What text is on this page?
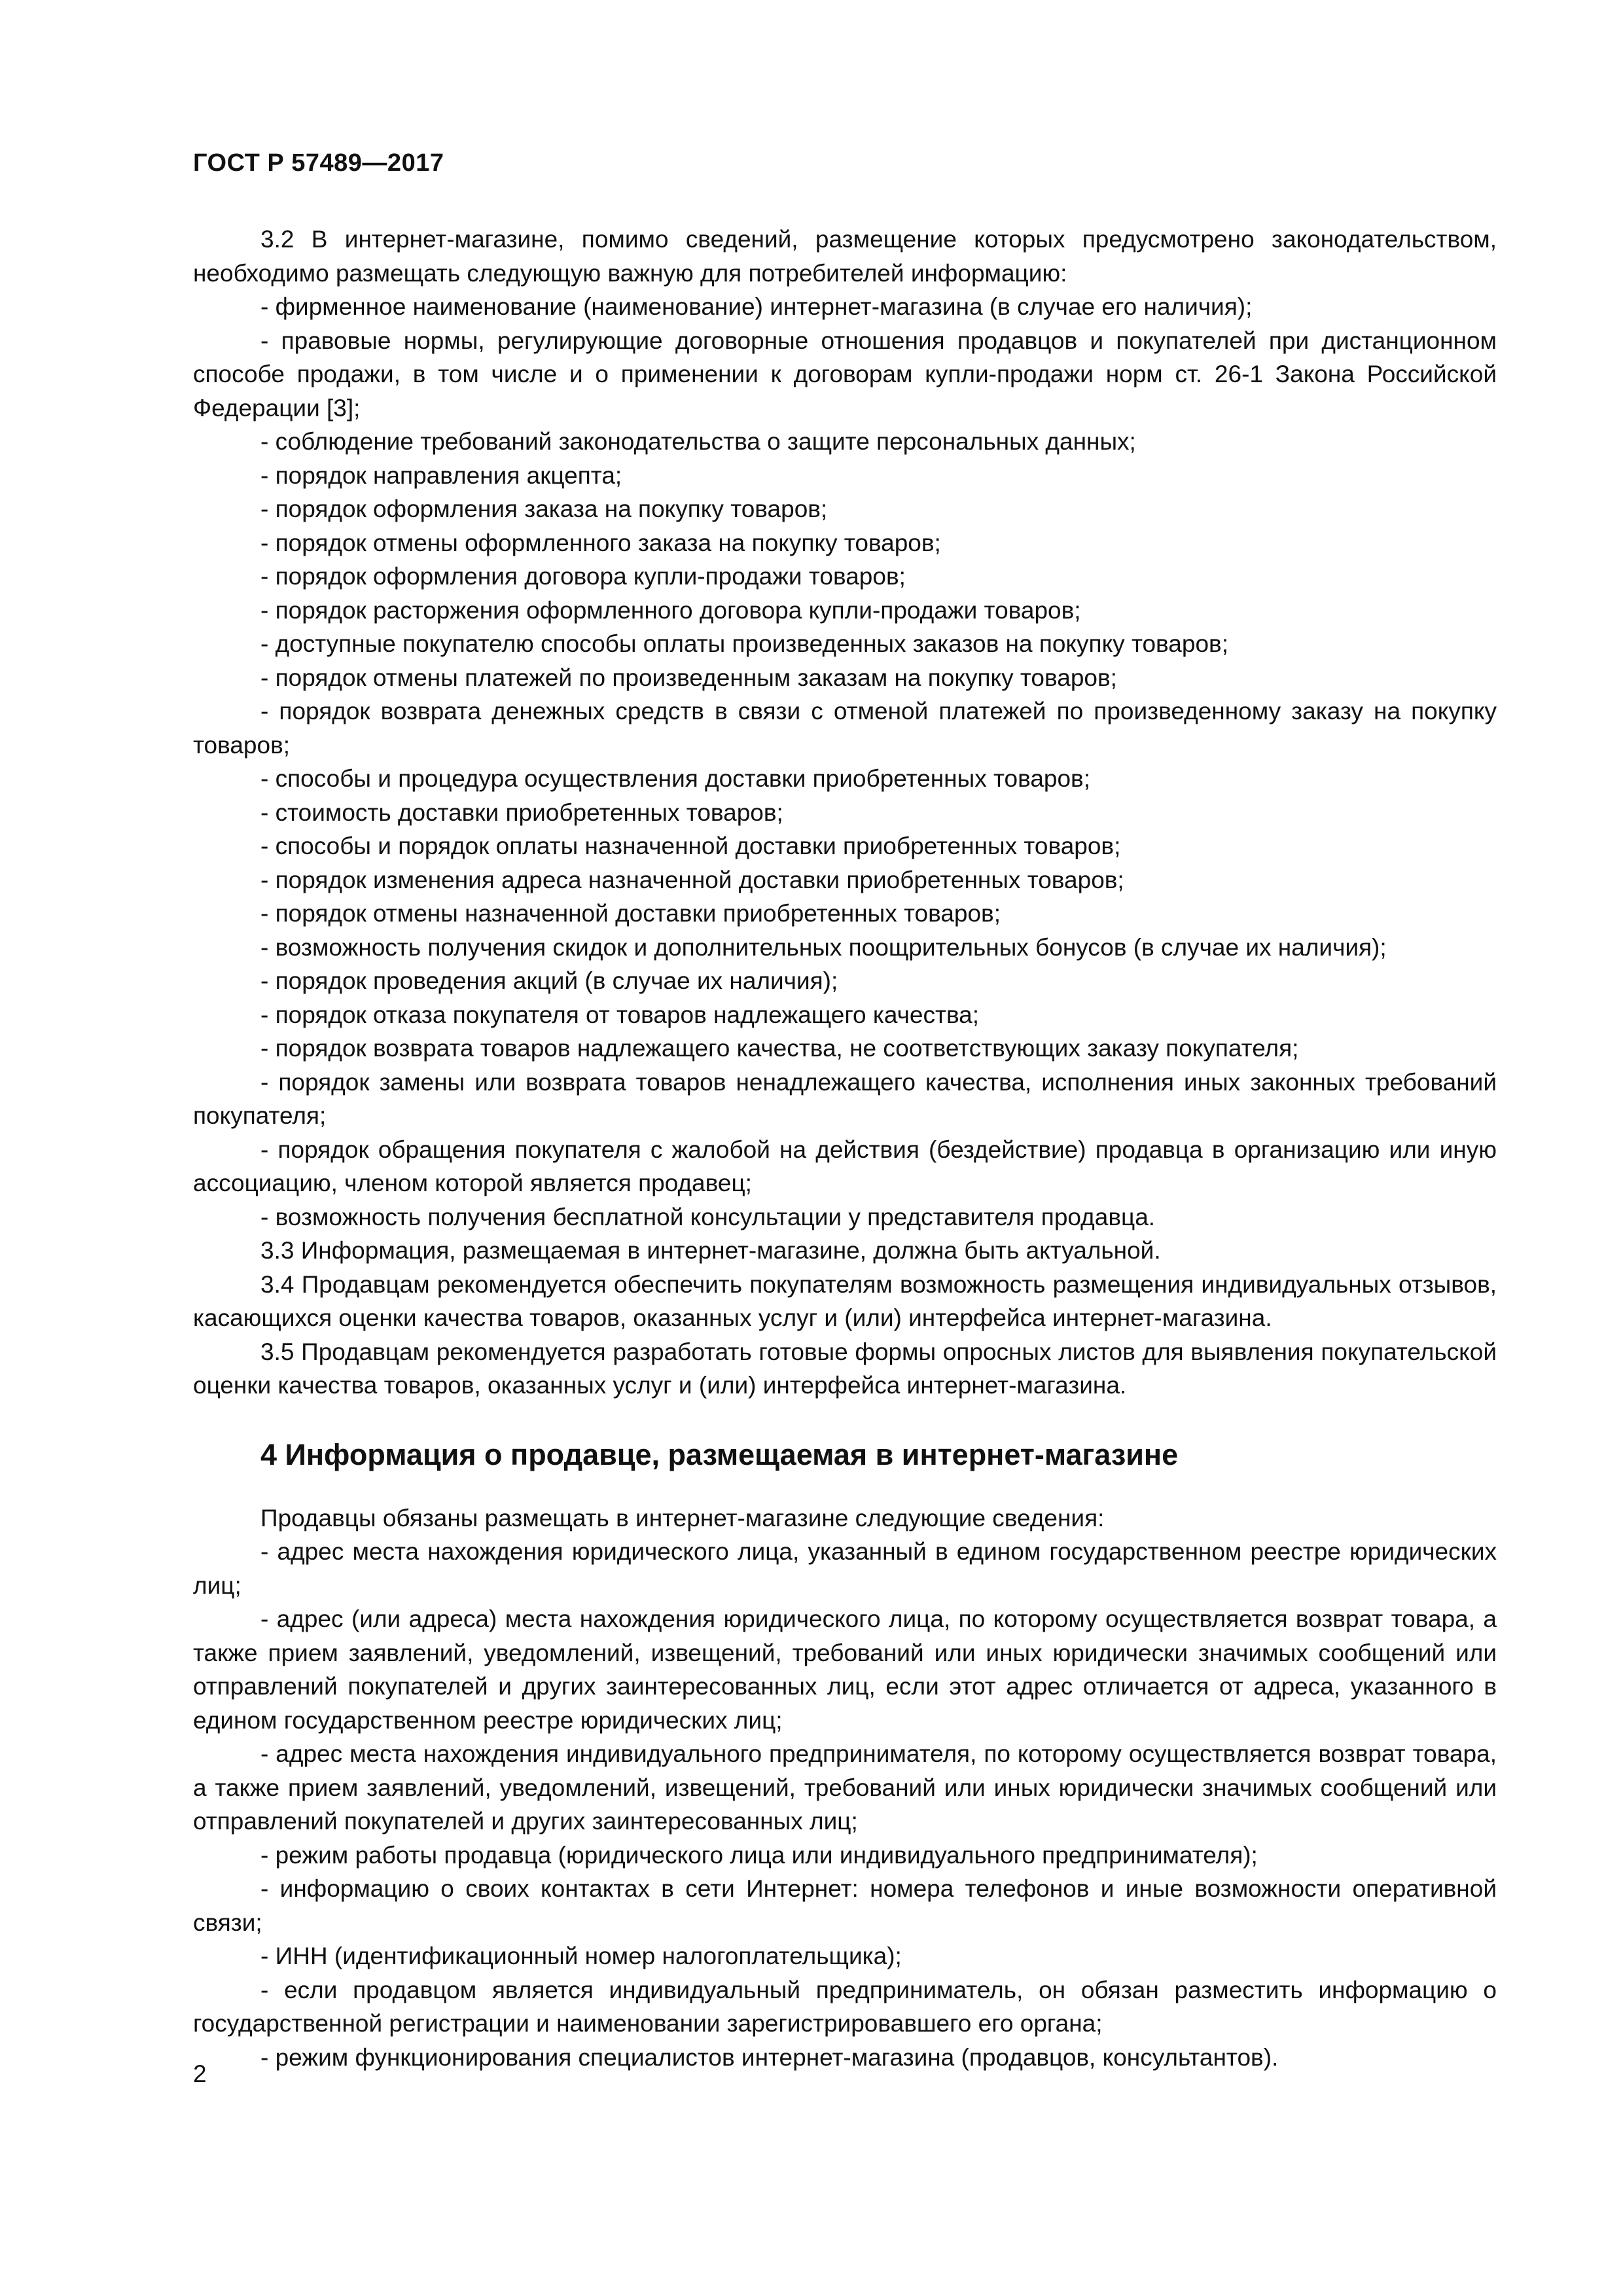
ГОСТ Р 57489—2017

3.2 В интернет-магазине, помимо сведений, размещение которых предусмотрено законодательством, необходимо размещать следующую важную для потребителей информацию:

- фирменное наименование (наименование) интернет-магазина (в случае его наличия);

- правовые нормы, регулирующие договорные отношения продавцов и покупателей при дистанционном способе продажи, в том числе и о применении к договорам купли-продажи норм ст. 26-1 Закона Российской Федерации [3];

- соблюдение требований законодательства о защите персональных данных;

- порядок направления акцепта;

- порядок оформления заказа на покупку товаров;

- порядок отмены оформленного заказа на покупку товаров;

- порядок оформления договора купли-продажи товаров;

- порядок расторжения оформленного договора купли-продажи товаров;

- доступные покупателю способы оплаты произведенных заказов на покупку товаров;

- порядок отмены платежей по произведенным заказам на покупку товаров;

- порядок возврата денежных средств в связи с отменой платежей по произведенному заказу на покупку товаров;

- способы и процедура осуществления доставки приобретенных товаров;

- стоимость доставки приобретенных товаров;

- способы и порядок оплаты назначенной доставки приобретенных товаров;

- порядок изменения адреса назначенной доставки приобретенных товаров;

- порядок отмены назначенной доставки приобретенных товаров;

- возможность получения скидок и дополнительных поощрительных бонусов (в случае их наличия);

- порядок проведения акций (в случае их наличия);

- порядок отказа покупателя от товаров надлежащего качества;

- порядок возврата товаров надлежащего качества, не соответствующих заказу покупателя;

- порядок замены или возврата товаров ненадлежащего качества, исполнения иных законных требований покупателя;

- порядок обращения покупателя с жалобой на действия (бездействие) продавца в организацию или иную ассоциацию, членом которой является продавец;

- возможность получения бесплатной консультации у представителя продавца.

3.3 Информация, размещаемая в интернет-магазине, должна быть актуальной.

3.4 Продавцам рекомендуется обеспечить покупателям возможность размещения индивидуальных отзывов, касающихся оценки качества товаров, оказанных услуг и (или) интерфейса интернет-магазина.

3.5 Продавцам рекомендуется разработать готовые формы опросных листов для выявления покупательской оценки качества товаров, оказанных услуг и (или) интерфейса интернет-магазина.

4 Информация о продавце, размещаемая в интернет-магазине

Продавцы обязаны размещать в интернет-магазине следующие сведения:

- адрес места нахождения юридического лица, указанный в едином государственном реестре юридических лиц;

- адрес (или адреса) места нахождения юридического лица, по которому осуществляется возврат товара, а также прием заявлений, уведомлений, извещений, требований или иных юридически значимых сообщений или отправлений покупателей и других заинтересованных лиц, если этот адрес отличается от адреса, указанного в едином государственном реестре юридических лиц;

- адрес места нахождения индивидуального предпринимателя, по которому осуществляется возврат товара, а также прием заявлений, уведомлений, извещений, требований или иных юридически значимых сообщений или отправлений покупателей и других заинтересованных лиц;

- режим работы продавца (юридического лица или индивидуального предпринимателя);

- информацию о своих контактах в сети Интернет: номера телефонов и иные возможности оперативной связи;

- ИНН (идентификационный номер налогоплательщика);

- если продавцом является индивидуальный предприниматель, он обязан разместить информацию о государственной регистрации и наименовании зарегистрировавшего его органа;

- режим функционирования специалистов интернет-магазина (продавцов, консультантов).

2
